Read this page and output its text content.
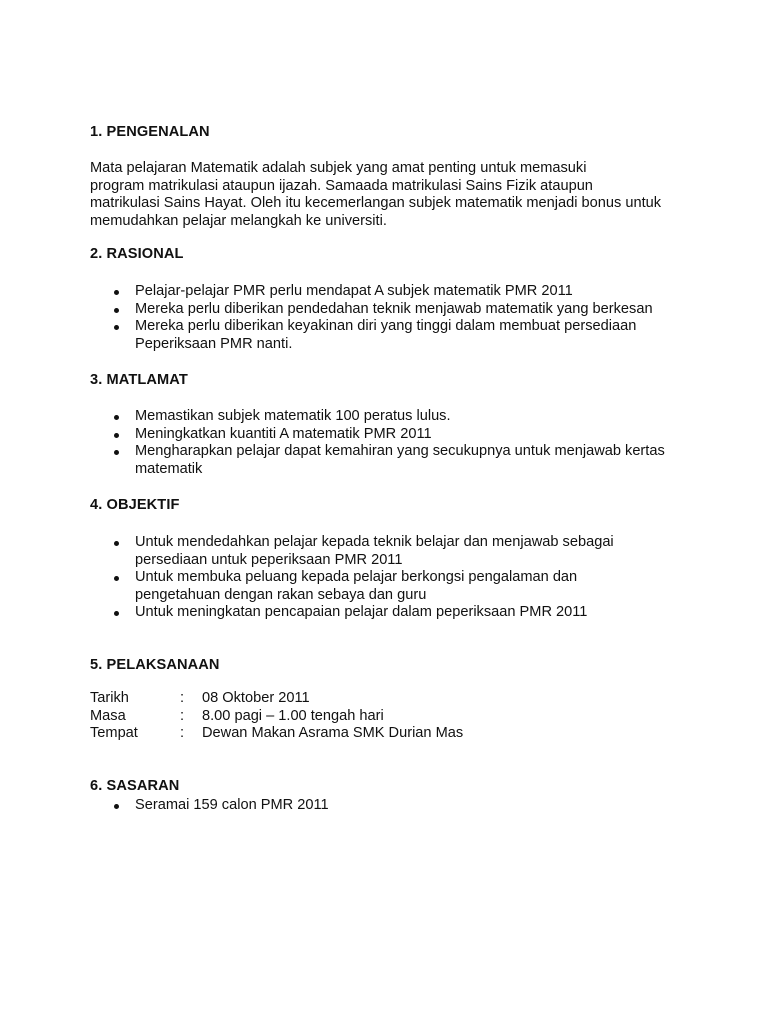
1. PENGENALAN
Mata pelajaran Matematik adalah subjek yang amat penting untuk memasuki
program matrikulasi ataupun ijazah. Samaada matrikulasi Sains Fizik ataupun
matrikulasi Sains Hayat. Oleh itu kecemerlangan subjek matematik menjadi bonus untuk
memudahkan pelajar melangkah ke universiti.
2. RASIONAL
Pelajar-pelajar PMR perlu mendapat A subjek matematik PMR 2011
Mereka perlu diberikan pendedahan teknik menjawab matematik yang berkesan
Mereka perlu diberikan keyakinan diri yang tinggi dalam membuat persediaan
Peperiksaan PMR nanti.
3. MATLAMAT
Memastikan subjek matematik 100 peratus lulus.
Meningkatkan kuantiti A matematik PMR 2011
Mengharapkan pelajar dapat kemahiran yang secukupnya untuk menjawab kertas
matematik
4. OBJEKTIF
Untuk mendedahkan pelajar kepada teknik belajar dan menjawab sebagai
persediaan untuk peperiksaan PMR 2011
Untuk membuka peluang kepada pelajar berkongsi pengalaman dan
pengetahuan dengan rakan sebaya dan guru
Untuk meningkatan pencapaian pelajar dalam peperiksaan PMR 2011
5. PELAKSANAAN
Tarikh	: 08 Oktober 2011
Masa	: 8.00 pagi – 1.00 tengah hari
Tempat	: Dewan Makan Asrama SMK Durian Mas
6. SASARAN
Seramai 159 calon PMR 2011
